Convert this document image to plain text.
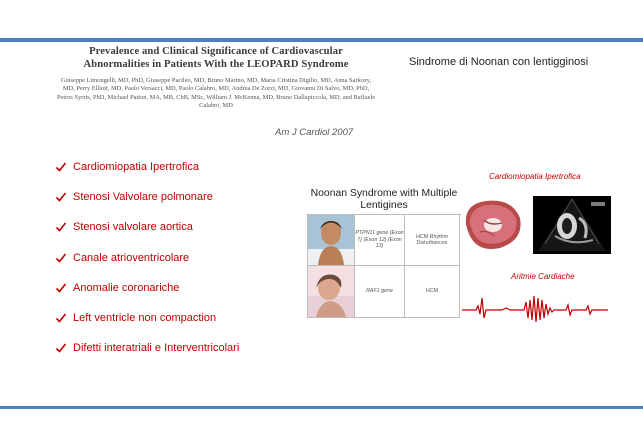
Prevalence and Clinical Significance of Cardiovascular Abnormalities in Patients With the LEOPARD Syndrome
Giuseppe Limongelli, MD, PhD, Giuseppe Pacileo, MD, Bruno Marino, MD, Maria Cristina Digilio, MD, Anna Sarkozy, MD, Perry Elliott, MD, Paolo Versacci, MD, Paolo Calabro, MD, Andrea De Zorzi, MD, Giovanni Di Salvo, MD, PhD, Petros Syrris, PhD, Michael Patton, MA, MB, ChB, MSc, William J. McKenna, MD, Bruno Dallapiccola, MD, and Raffaele Calabro, MD
Am J Cardiol 2007
Sindrome di Noonan con lentigginosi
Cardiomiopatia Ipertrofica
Stenosi Valvolare polmonare
Stenosi valvolare aortica
Canale atrioventricolare
Anomalie coronariche
Left ventricle non compaction
Difetti interatriali e Interventricolari
Noonan Syndrome with Multiple Lentigines
PTPN11 gene (Exon 7) (Exon 12) (Exon 13)
HCM Rhythm Disturbances
RAF1 gene	HCM
Cardiomiopatia Ipertrofica
Aritmie Cardiache
